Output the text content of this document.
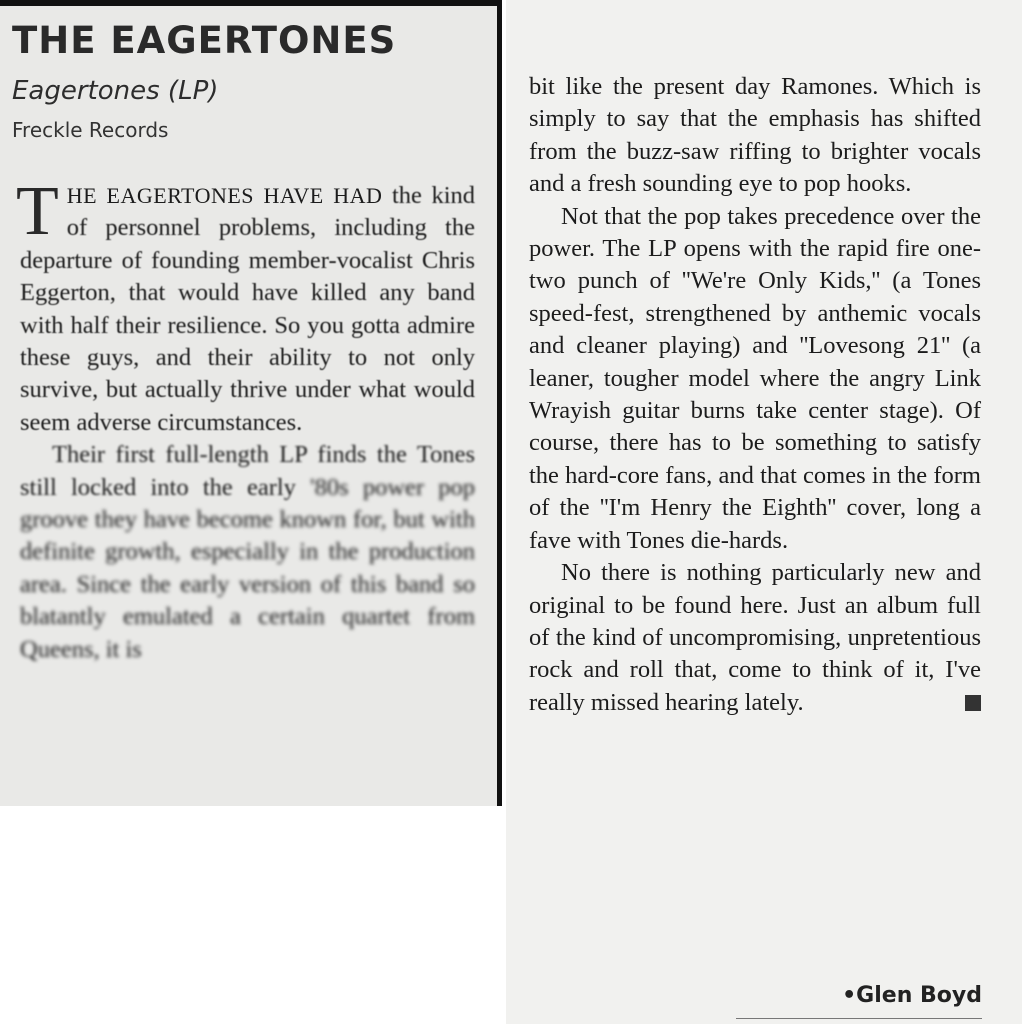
THE EAGERTONES
Eagertones (LP)
Freckle Records

THE EAGERTONES HAVE HAD the kind of personnel problems, including the departure of founding member-vocalist Chris Eggerton, that would have killed any band with half their resilience. So you gotta admire these guys, and their ability to not only survive, but actually thrive under what would seem adverse circumstances.

Their first full-length LP finds the Tones still locked into the early '80s power pop groove they have become known for, but with definite growth, especially in the production area. Since the early version of this band so blatantly emulated a certain quartet from Queens, it is

bit like the present day Ramones. Which is simply to say that the emphasis has shifted from the buzz-saw riffing to brighter vocals and a fresh sounding eye to pop hooks.

Not that the pop takes precedence over the power. The LP opens with the rapid fire one-two punch of ''We're Only Kids,'' (a Tones speed-fest, strengthened by anthemic vocals and cleaner playing) and ''Lovesong 21'' (a leaner, tougher model where the angry Link Wrayish guitar burns take center stage). Of course, there has to be something to satisfy the hard-core fans, and that comes in the form of the ''I'm Henry the Eighth'' cover, long a fave with Tones die-hards.

No there is nothing particularly new and original to be found here. Just an album full of the kind of uncompromising, unpretentious rock and roll that, come to think of it, I've really missed hearing lately.

•Glen Boyd
